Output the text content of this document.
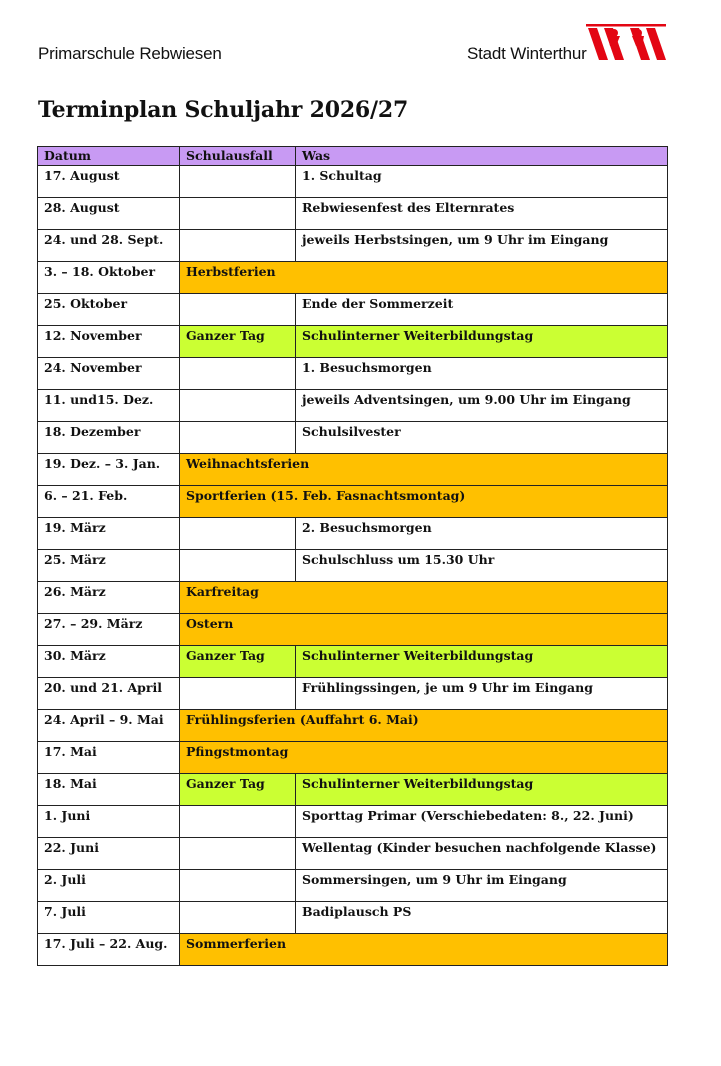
Primarschule Rebwiesen	Stadt Winterthur
Terminplan Schuljahr 2026/27
Datum	Schulausfall	Was
17. August		1. Schultag
28. August		Rebwiesenfest des Elternrates
24. und 28. Sept.		jeweils Herbstsingen, um 9 Uhr im Eingang
3. – 18. Oktober	Herbstferien	
25. Oktober		Ende der Sommerzeit
12. November	Ganzer Tag	Schulinterner Weiterbildungstag
24. November		1. Besuchsmorgen
11. und15. Dez.		jeweils Adventsingen, um 9.00 Uhr im Eingang
18. Dezember		Schulsilvester
19. Dez. – 3. Jan.	Weihnachtsferien	
6. – 21. Feb.	Sportferien (15. Feb. Fasnachtsmontag)	
19. März		2. Besuchsmorgen
25. März		Schulschluss um 15.30 Uhr
26. März	Karfreitag	
27. – 29. März	Ostern	
30. März	Ganzer Tag	Schulinterner Weiterbildungstag
20. und 21. April		Frühlingssingen, je um 9 Uhr im Eingang
24. April – 9. Mai	Frühlingsferien (Auffahrt 6. Mai)	
17. Mai	Pfingstmontag	
18. Mai	Ganzer Tag	Schulinterner Weiterbildungstag
1. Juni		Sporttag Primar (Verschiebedaten: 8., 22. Juni)
22. Juni		Wellentag (Kinder besuchen nachfolgende Klasse)
2. Juli		Sommersingen, um 9 Uhr im Eingang
7. Juli		Badiplausch PS
17. Juli – 22. Aug.	Sommerferien	
